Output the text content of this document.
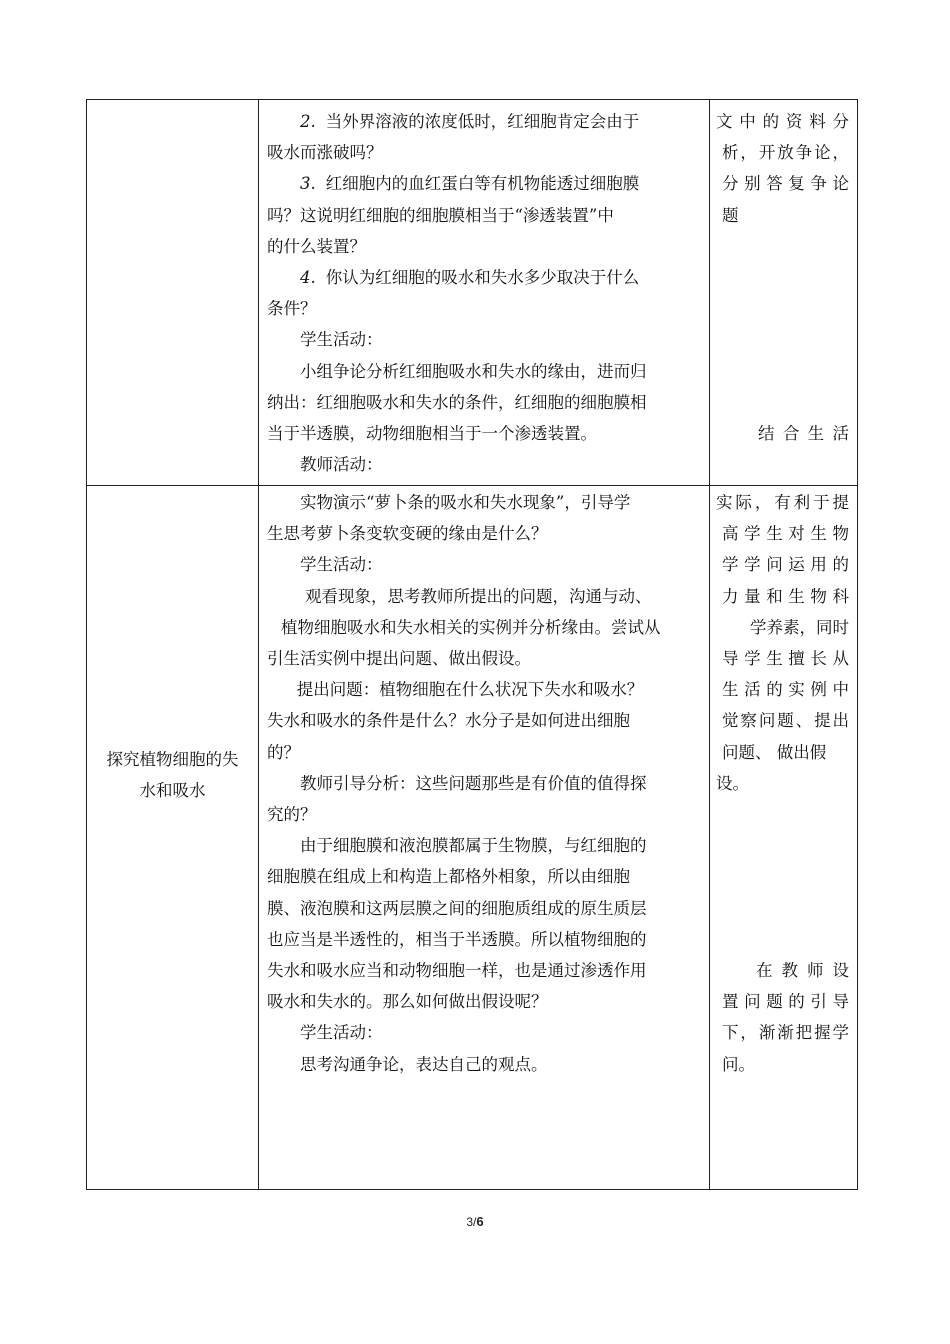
2. 当外界溶液的浓度低时，红细胞肯定会由于
吸水而涨破吗？
3. 红细胞内的血红蛋白等有机物能透过细胞膜
吗？这说明红细胞的细胞膜相当于“渗透装置”中
的什么装置？
4. 你认为红细胞的吸水和失水多少取决于什么
条件？
学生活动：
小组争论分析红细胞吸水和失水的缘由，进而归
纳出：红细胞吸水和失水的条件，红细胞的细胞膜相
当于半透膜，动物细胞相当于一个渗透装置。
教师活动：
文中的资料分
析，开放争论，
分别答复争论
题
结合生活
探究植物细胞的失
水和吸水
实物演示“萝卜条的吸水和失水现象”，引导学
生思考萝卜条变软变硬的缘由是什么？
学生活动：
观看现象，思考教师所提出的问题，沟通与动、
植物细胞吸水和失水相关的实例并分析缘由。尝试从
引生活实例中提出问题、做出假设。
提出问题：植物细胞在什么状况下失水和吸水？
失水和吸水的条件是什么？水分子是如何进出细胞
的？
教师引导分析：这些问题那些是有价值的值得探
究的？
由于细胞膜和液泡膜都属于生物膜，与红细胞的
细胞膜在组成上和构造上都格外相象，所以由细胞
膜、液泡膜和这两层膜之间的细胞质组成的原生质层
也应当是半透性的，相当于半透膜。所以植物细胞的
失水和吸水应当和动物细胞一样，也是通过渗透作用
吸水和失水的。那么如何做出假设呢？
学生活动：
思考沟通争论，表达自己的观点。
实际，有利于提
高学生对生物
学学问运用的
力量和生物科
学养素，同时
导学生擅长从
生活的实例中
觉察问题、提出
问题、 做出假
设。
在教师设
置问题的引导
下，渐渐把握学
问。
3/6
